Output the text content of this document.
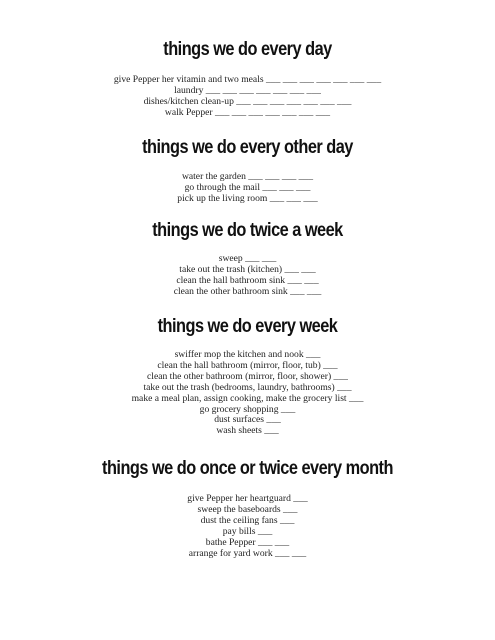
things we do every day
give Pepper her vitamin and two meals ___ ___ ___ ___ ___ ___ ___
laundry ___ ___ ___ ___ ___ ___ ___
dishes/kitchen clean-up ___ ___ ___ ___ ___ ___ ___
walk Pepper ___ ___ ___ ___ ___ ___ ___
things we do every other day
water the garden ___ ___ ___ ___
go through the mail ___ ___ ___
pick up the living room ___ ___ ___
things we do twice a week
sweep ___ ___
take out the trash (kitchen) ___ ___
clean the hall bathroom sink ___ ___
clean the other bathroom sink ___ ___
things we do every week
swiffer mop the kitchen and nook ___
clean the hall bathroom (mirror, floor, tub) ___
clean the other bathroom (mirror, floor, shower) ___
take out the trash (bedrooms, laundry, bathrooms) ___
make a meal plan, assign cooking, make the grocery list ___
go grocery shopping ___
dust surfaces ___
wash sheets ___
things we do once or twice every month
give Pepper her heartguard ___
sweep the baseboards ___
dust the ceiling fans ___
pay bills ___
bathe Pepper ___ ___
arrange for yard work ___ ___
